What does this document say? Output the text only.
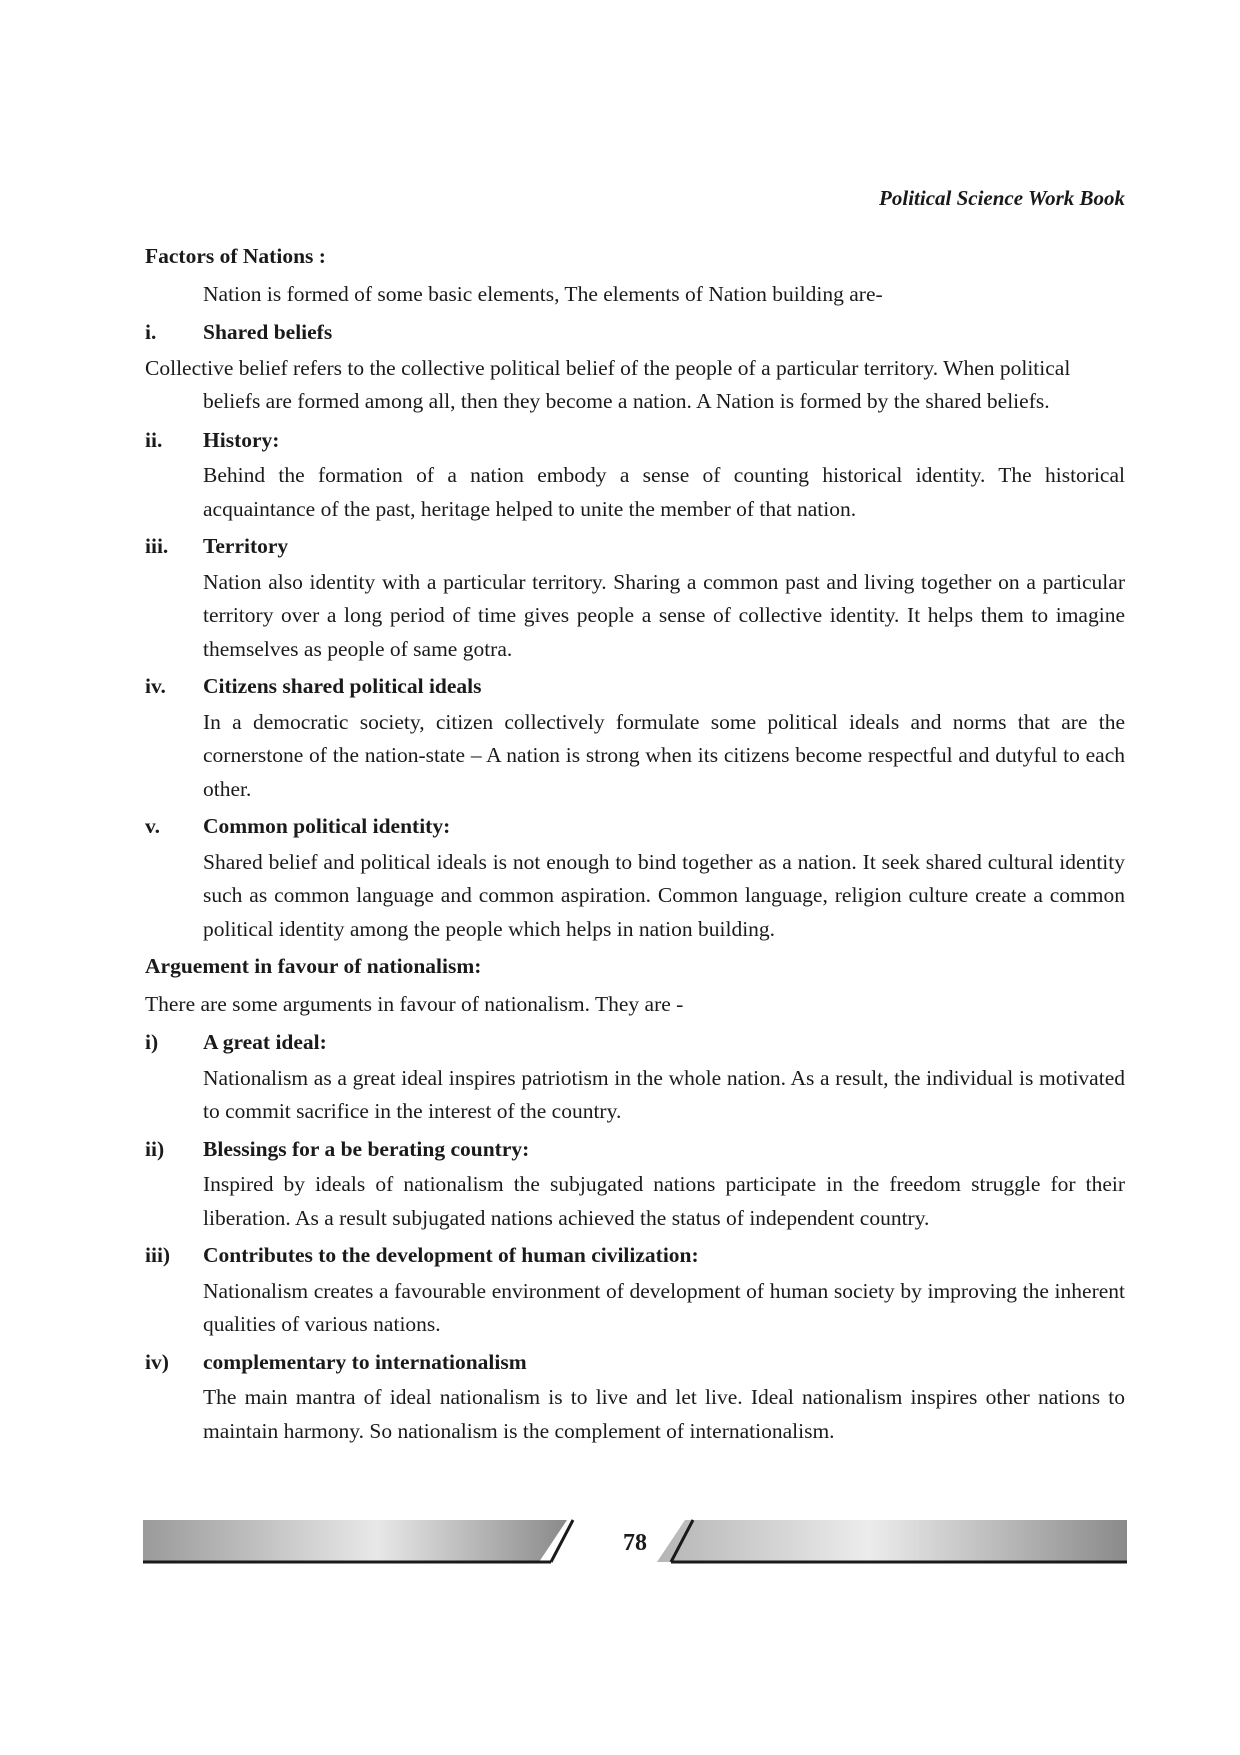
Political Science Work Book
Factors of Nations :
Nation is formed of some basic elements, The elements of Nation building are-
i.	Shared beliefs

Collective belief refers to the collective political belief of the people of a particular territory. When political beliefs are formed among all, then they become a nation. A Nation is formed by the shared beliefs.

ii.	History:

Behind the formation of a nation embody a sense of counting historical identity. The historical acquaintance of the past, heritage helped to unite the member of that nation.

iii.	Territory

Nation also identity with a particular territory. Sharing a common past and living together on a particular territory over a long period of time gives people a sense of collective identity. It helps them to imagine themselves as people of same gotra.

iv.	Citizens shared political ideals

In a democratic society, citizen collectively formulate some political ideals and norms that are the cornerstone of the nation-state – A nation is strong when its citizens become respectful and dutyful to each other.

v.	Common political identity:

Shared belief and political ideals is not enough to bind together as a nation. It seek shared cultural identity such as common language and common aspiration. Common language, religion culture create a common political identity among the people which helps in nation building.

Arguement in favour of nationalism:
There are some arguments in favour of nationalism. They are -
i)	A great ideal:

Nationalism as a great ideal inspires patriotism in the whole nation. As a result, the individual is motivated to commit sacrifice in the interest of the country.

ii)	Blessings for a be berating country:

Inspired by ideals of nationalism the subjugated nations participate in the freedom struggle for their liberation. As a result subjugated nations achieved the status of independent country.

iii)	Contributes to the development of human civilization:

Nationalism creates a favourable environment of development of human society by improving the inherent qualities of various nations.

iv)	complementary to internationalism

The main mantra of ideal nationalism is to live and let live. Ideal nationalism inspires other nations to maintain harmony. So nationalism is the complement of internationalism.

78
